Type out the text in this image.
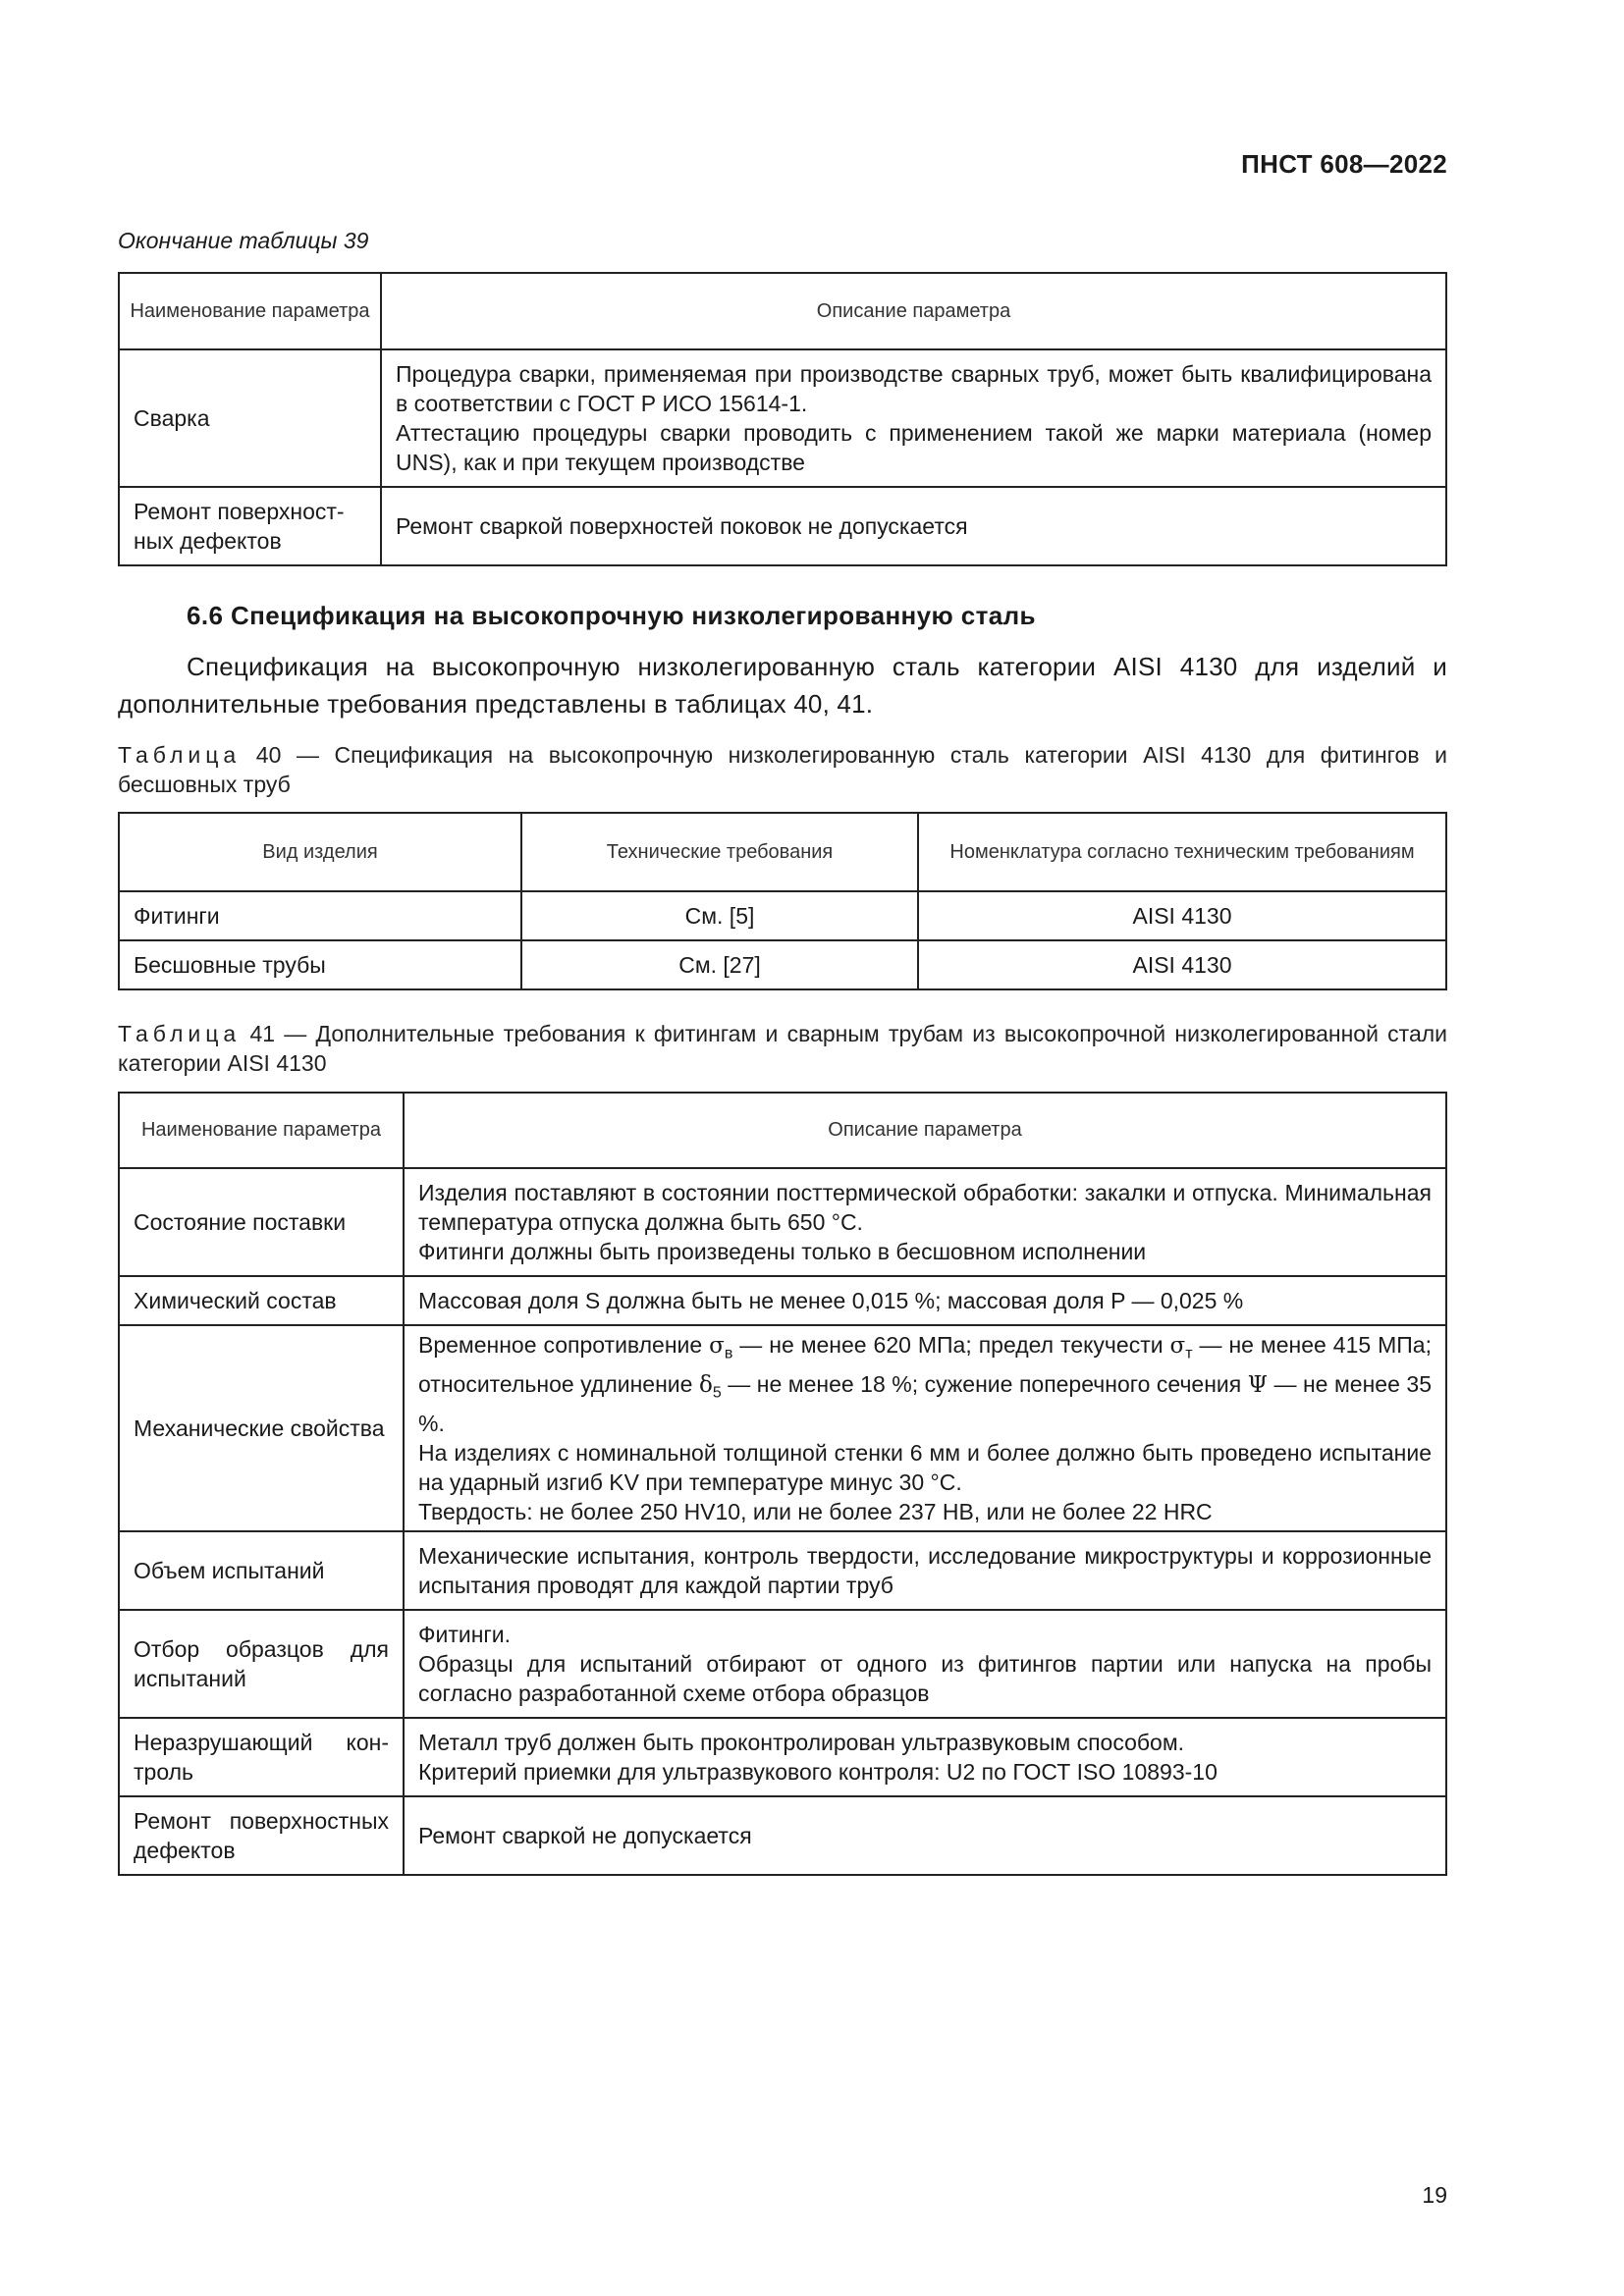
ПНСТ 608—2022
Окончание таблицы 39
Наименование параметра	Описание параметра
Сварка	Процедура сварки, применяемая при производстве сварных труб, может быть квалифицирована в соответствии с ГОСТ Р ИСО 15614-1.
Аттестацию процедуры сварки проводить с применением такой же марки материала (номер UNS), как и при текущем производстве

Ремонт поверхностных дефектов	Ремонт сваркой поверхностей поковок не допускается
6.6 Спецификация на высокопрочную низколегированную сталь
Спецификация на высокопрочную низколегированную сталь категории AISI 4130 для изделий и дополнительные требования представлены в таблицах 40, 41.
Таблица 40 — Спецификация на высокопрочную низколегированную сталь категории AISI 4130 для фитингов и бесшовных труб
Вид изделия	Технические требования	Номенклатура согласно техническим требованиям
Фитинги	См. [5]	AISI 4130
Бесшовные трубы	См. [27]	AISI 4130
Таблица 41 — Дополнительные требования к фитингам и сварным трубам из высокопрочной низколегированной стали категории AISI 4130
Наименование параметра	Описание параметра
Состояние поставки	Изделия поставляют в состоянии посттермической обработки: закалки и отпуска. Минимальная температура отпуска должна быть 650 °С.
Фитинги должны быть произведены только в бесшовном исполнении

Химический состав	Массовая доля S должна быть не менее 0,015 %; массовая доля P — 0,025 %

Механические свойства	Временное сопротивление $\sigma_в$ — не менее 620 МПа; предел текучести $\sigma_т$ — не менее 415 МПа; относительное удлинение $\delta_5$ — не менее 18 %; сужение поперечного сечения Ψ — не менее 35 %.
На изделиях с номинальной толщиной стенки 6 мм и более должно быть проведено испытание на ударный изгиб KV при температуре минус 30 °С.
Твердость: не более 250 HV10, или не более 237 HB, или не более 22 HRC

Объем испытаний	Механические испытания, контроль твердости, исследование микроструктуры и коррозионные испытания проводят для каждой партии труб

Отбор образцов для испытаний	Фитинги.
Образцы для испытаний отбирают от одного из фитингов партии или напуска на пробы согласно разработанной схеме отбора образцов

Неразрушающий контроль	Металл труб должен быть проконтролирован ультразвуковым способом.
Критерий приемки для ультразвукового контроля: U2 по ГОСТ ISO 10893-10

Ремонт поверхностных дефектов	Ремонт сваркой не допускается
19
